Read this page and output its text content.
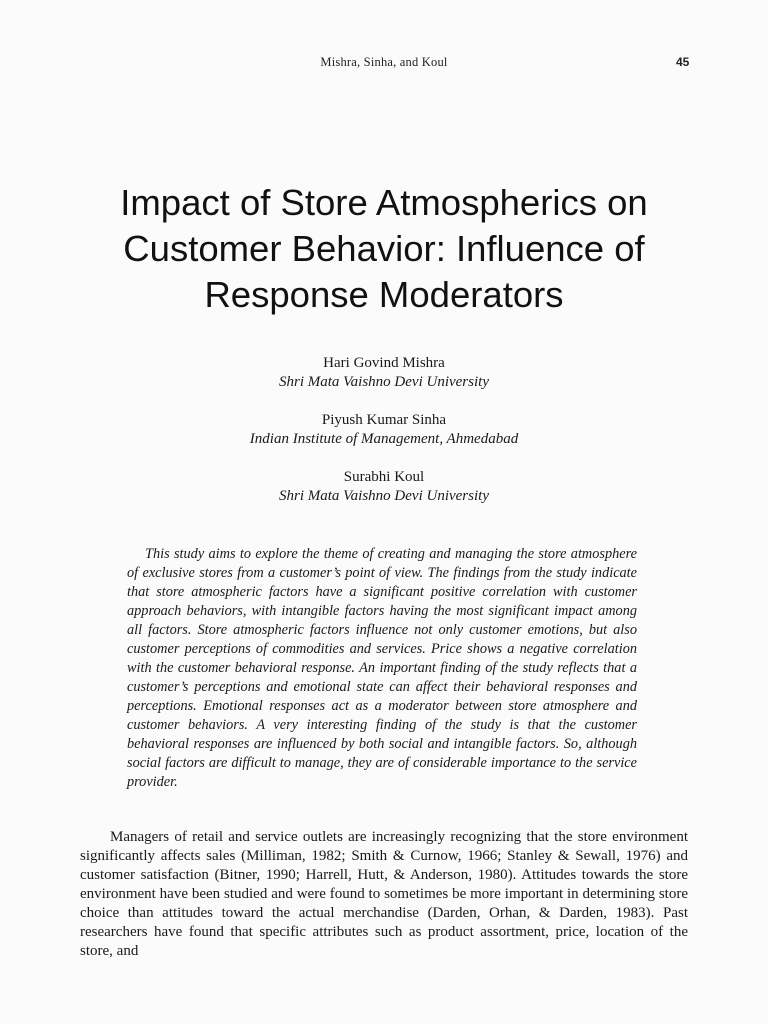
Mishra, Sinha, and Koul	45
Impact of Store Atmospherics on Customer Behavior: Influence of Response Moderators
Hari Govind Mishra
Shri Mata Vaishno Devi University
Piyush Kumar Sinha
Indian Institute of Management, Ahmedabad
Surabhi Koul
Shri Mata Vaishno Devi University

This study aims to explore the theme of creating and managing the store atmosphere of exclusive stores from a customer’s point of view. The findings from the study indicate that store atmospheric factors have a significant positive correlation with customer approach behaviors, with intangible factors having the most significant impact among all factors. Store atmospheric factors influence not only customer emotions, but also customer perceptions of commodities and services. Price shows a negative correlation with the customer behavioral response. An important finding of the study reflects that a customer’s perceptions and emotional state can affect their behavioral responses and perceptions. Emotional responses act as a moderator between store atmosphere and customer behaviors. A very interesting finding of the study is that the customer behavioral responses are influenced by both social and intangible factors. So, although social factors are difficult to manage, they are of considerable importance to the service provider.

Managers of retail and service outlets are increasingly recognizing that the store environment significantly affects sales (Milliman, 1982; Smith & Curnow, 1966; Stanley & Sewall, 1976) and customer satisfaction (Bitner, 1990; Harrell, Hutt, & Anderson, 1980). Attitudes towards the store environment have been studied and were found to sometimes be more important in determining store choice than attitudes toward the actual merchandise (Darden, Orhan, & Darden, 1983). Past researchers have found that specific attributes such as product assortment, price, location of the store, and
